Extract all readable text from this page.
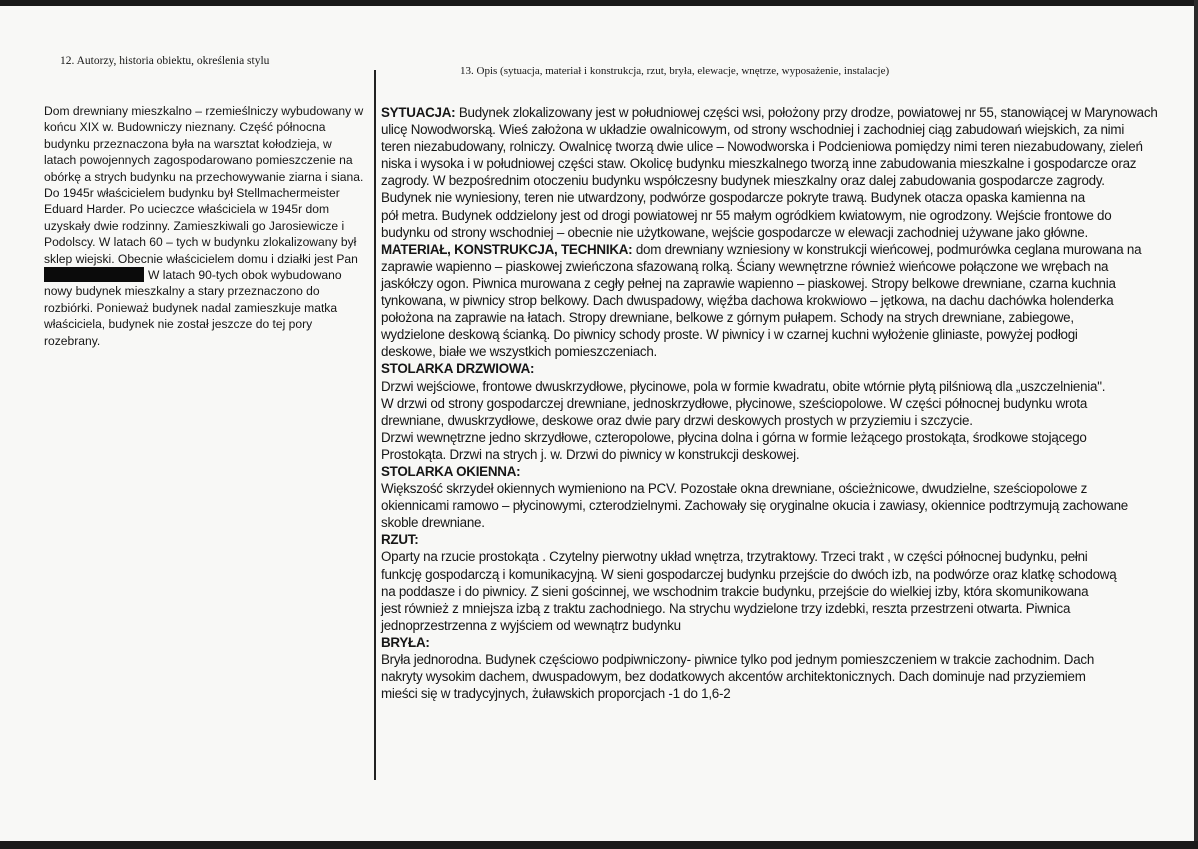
12. Autorzy, historia obiektu, określenia stylu
13. Opis (sytuacja, materiał i konstrukcja, rzut, bryła, elewacje, wnętrze, wyposażenie, instalacje)
Dom drewniany mieszkalno – rzemieślniczy wybudowany w
końcu XIX w. Budowniczy nieznany. Część północna
budynku przeznaczona była na warsztat kołodzieja, w
latach powojennych zagospodarowano pomieszczenie na
obórkę a strych budynku na przechowywanie ziarna i siana.
Do 1945r właścicielem budynku był Stellmachermeister
Eduard Harder. Po ucieczce właściciela w 1945r dom
uzyskały dwie rodzinny. Zamieszkiwali go Jarosiewicze i
Podolscy. W latach 60 – tych w budynku zlokalizowany był
sklep wiejski. Obecnie właścicielem domu i działki jest Pan
W latach 90-tych obok wybudowano
nowy budynek mieszkalny a stary przeznaczono do
rozbiórki. Ponieważ budynek nadal zamieszkuje matka
właściciela, budynek nie został jeszcze do tej pory
rozebrany.
SYTUACJA: Budynek zlokalizowany jest w południowej części wsi, położony przy drodze, powiatowej nr 55, stanowiącej w Marynowach
ulicę Nowodworską. Wieś założona w układzie owalnicowym, od strony wschodniej i zachodniej ciąg zabudowań wiejskich, za nimi
teren niezabudowany, rolniczy. Owalnicę tworzą dwie ulice – Nowodworska i Podcieniowa pomiędzy nimi teren niezabudowany, zieleń
niska i wysoka i w południowej części staw. Okolicę budynku mieszkalnego tworzą inne zabudowania mieszkalne i gospodarcze oraz
zagrody. W bezpośrednim otoczeniu budynku współczesny budynek mieszkalny oraz dalej zabudowania gospodarcze zagrody.
Budynek nie wyniesiony, teren nie utwardzony, podwórze gospodarcze pokryte trawą. Budynek otacza opaska kamienna na
pół metra. Budynek oddzielony jest od drogi powiatowej nr 55 małym ogródkiem kwiatowym, nie ogrodzony. Wejście frontowe do
budynku od strony wschodniej – obecnie nie użytkowane, wejście gospodarcze w elewacji zachodniej używane jako główne.
MATERIAŁ, KONSTRUKCJA, TECHNIKA: dom drewniany wzniesiony w konstrukcji wieńcowej, podmurówka ceglana murowana na
zaprawie wapienno – piaskowej zwieńczona sfazowaną rolką. Ściany wewnętrzne również wieńcowe połączone we wrębach na
jaskółczy ogon. Piwnica murowana z cegły pełnej na zaprawie wapienno – piaskowej. Stropy belkowe drewniane, czarna kuchnia
tynkowana, w piwnicy strop belkowy. Dach dwuspadowy, więźba dachowa krokwiowo – jętkowa, na dachu dachówka holenderka
położona na zaprawie na łatach. Stropy drewniane, belkowe z górnym pułapem. Schody na strych drewniane, zabiegowe,
wydzielone deskową ścianką. Do piwnicy schody proste. W piwnicy i w czarnej kuchni wyłożenie gliniaste, powyżej podłogi
deskowe, białe we wszystkich pomieszczeniach.
STOLARKA DRZWIOWA:
Drzwi wejściowe, frontowe dwuskrzydłowe, płycinowe, pola w formie kwadratu, obite wtórnie płytą pilśniową dla „uszczelnienia".
W drzwi od strony gospodarczej drewniane, jednoskrzydłowe, płycinowe, sześciopolowe. W części północnej budynku wrota
drewniane, dwuskrzydłowe, deskowe oraz dwie pary drzwi deskowych prostych w przyziemiu i szczycie.
Drzwi wewnętrzne jedno skrzydłowe, czteropolowe, płycina dolna i górna w formie leżącego prostokąta, środkowe stojącego
Prostokąta. Drzwi na strych j. w. Drzwi do piwnicy w konstrukcji deskowej.
STOLARKA OKIENNA:
Większość skrzydeł okiennych wymieniono na PCV. Pozostałe okna drewniane, ościeżnicowe, dwudzielne, sześciopolowe z
okiennicami ramowo – płycinowymi, czterodzielnymi. Zachowały się oryginalne okucia i zawiasy, okiennice podtrzymują zachowane
skoble drewniane.
RZUT:
Oparty na rzucie prostokąta . Czytelny pierwotny układ wnętrza, trzytraktowy. Trzeci trakt , w części północnej budynku, pełni
funkcję gospodarczą i komunikacyjną. W sieni gospodarczej budynku przejście do dwóch izb, na podwórze oraz klatkę schodową
na poddasze i do piwnicy. Z sieni gościnnej, we wschodnim trakcie budynku, przejście do wielkiej izby, która skomunikowana
jest również z mniejsza izbą z traktu zachodniego. Na strychu wydzielone trzy izdebki, reszta przestrzeni otwarta. Piwnica
jednoprzestrzenna z wyjściem od wewnątrz budynku
BRYŁA:
Bryła jednorodna. Budynek częściowo podpiwniczony- piwnice tylko pod jednym pomieszczeniem w trakcie zachodnim. Dach
nakryty wysokim dachem, dwuspadowym, bez dodatkowych akcentów architektonicznych. Dach dominuje nad przyziemiem
mieści się w tradycyjnych, żuławskich proporcjach -1 do 1,6-2
